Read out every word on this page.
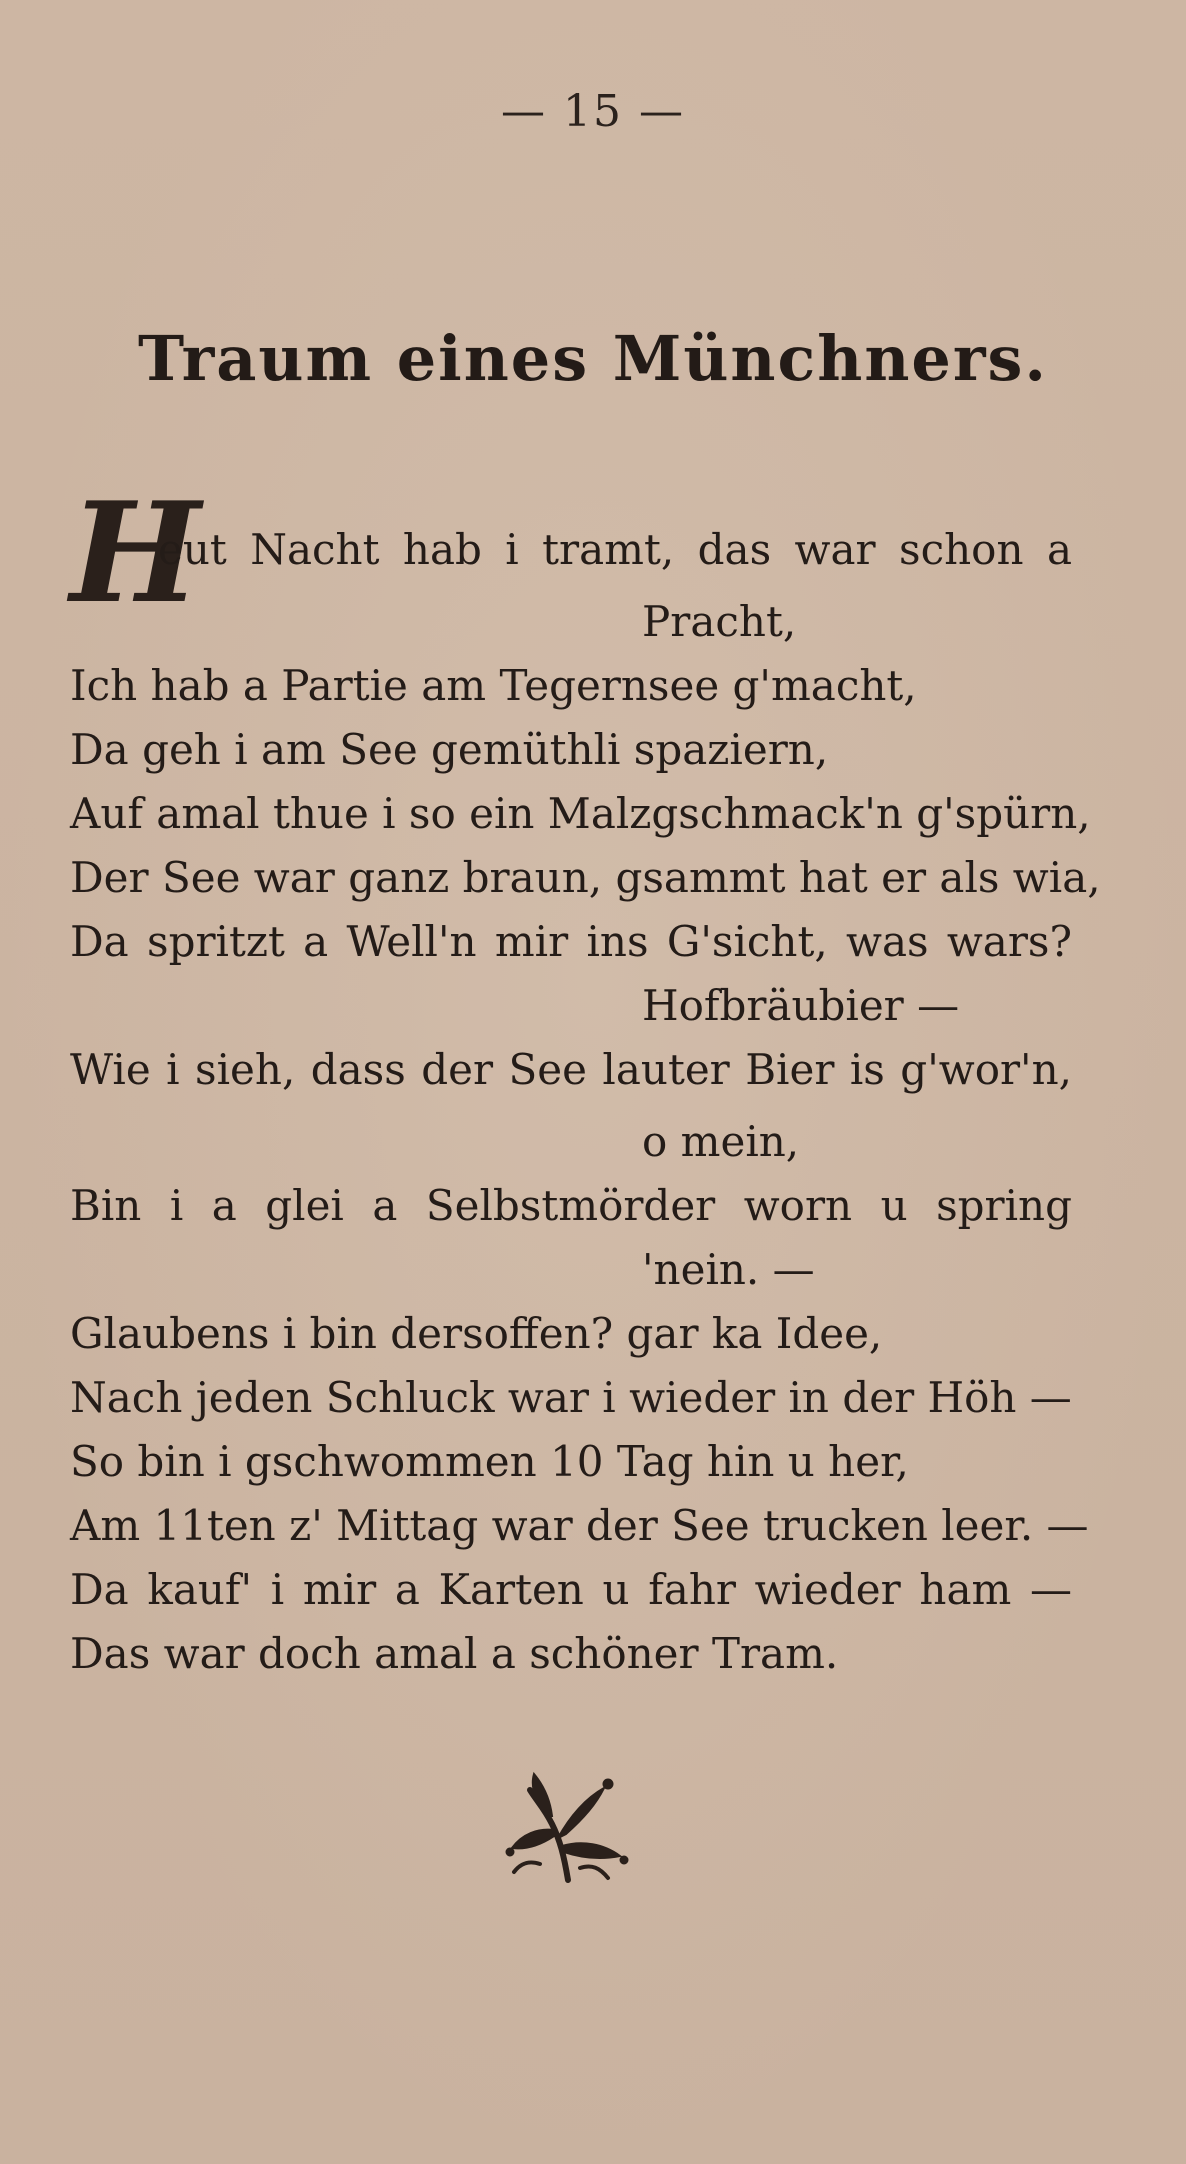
— 15 —
Traum eines Münchners.
H
eut Nacht hab i tramt, das war schon a
Pracht,
Ich hab a Partie am Tegernsee g'macht,
Da geh i am See gemüthli spaziern,
Auf amal thue i so ein Malzgschmack'n g'spürn,
Der See war ganz braun, gsammt hat er als wia,
Da spritzt a Well'n mir ins G'sicht, was wars?
Hofbräubier —
Wie i sieh, dass der See lauter Bier is g'wor'n,
o mein,
Bin i a glei a Selbstmörder worn u spring
'nein. —
Glaubens i bin dersoffen? gar ka Idee,
Nach jeden Schluck war i wieder in der Höh —
So bin i gschwommen 10 Tag hin u her,
Am 11ten z' Mittag war der See trucken leer. —
Da kauf' i mir a Karten u fahr wieder ham —
Das war doch amal a schöner Tram.
